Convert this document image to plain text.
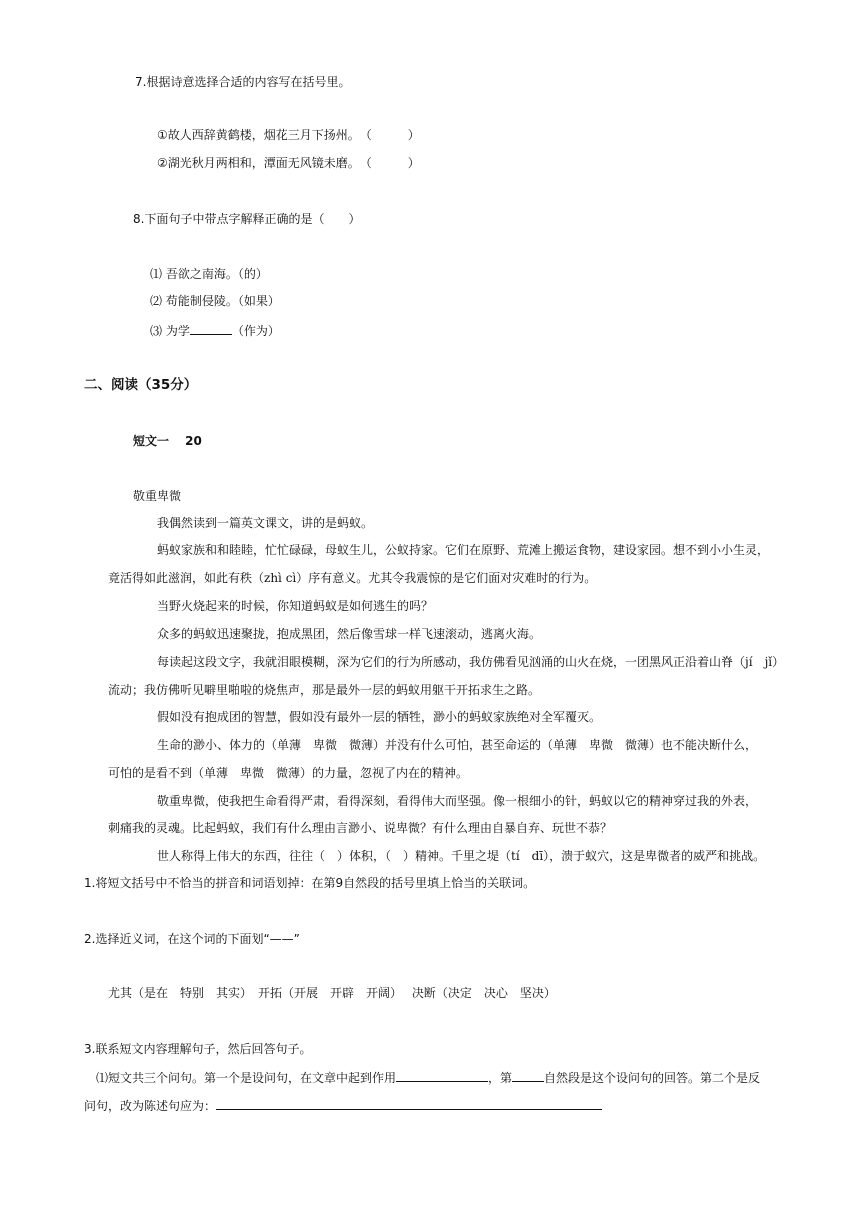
7.根据诗意选择合适的内容写在括号里。
①故人西辞黄鹤楼，烟花三月下扬州。　（　　　）
②湖光秋月两相和，潭面无风镜未磨。　（　　　）
8.下面句子中带点字解释正确的是（　　）
⑴ 吾欲之南海。（的）
⑵ 苟能制侵陵。（如果）
⑶ 为学	（作为）
二、阅读（35分）
短文一　 20
敬重卑微
我偶然读到一篇英文课文，讲的是蚂蚁。
蚂蚁家族和和睦睦，忙忙碌碌，母蚁生儿，公蚁持家。它们在原野、荒滩上搬运食物，建设家园。想不到小小生灵，
竟活得如此滋润，如此有秩（zhì cì）序有意义。尤其令我震惊的是它们面对灾难时的行为。
当野火烧起来的时候，你知道蚂蚁是如何逃生的吗？
众多的蚂蚁迅速聚拢，抱成黑团，然后像雪球一样飞速滚动，逃离火海。
每读起这段文字，我就泪眼模糊，深为它们的行为所感动，我仿佛看见汹涌的山火在烧，一团黑风正沿着山脊（jí　jǐ）
流动；我仿佛听见噼里啪啦的烧焦声，那是最外一层的蚂蚁用躯干开拓求生之路。
假如没有抱成团的智慧，假如没有最外一层的牺牲，渺小的蚂蚁家族绝对全军覆灭。
生命的渺小、体力的（单薄　卑微　微薄）并没有什么可怕，甚至命运的（单薄　卑微　微薄）也不能决断什么，
可怕的是看不到（单薄　卑微　微薄）的力量，忽视了内在的精神。
敬重卑微，使我把生命看得严肃，看得深刻，看得伟大而坚强。像一根细小的针，蚂蚁以它的精神穿过我的外表，
刺痛我的灵魂。比起蚂蚁，我们有什么理由言渺小、说卑微？有什么理由自暴自弃、玩世不恭？
世人称得上伟大的东西，往往（　）体积，（　）精神。千里之堤（tí　dī），溃于蚁穴，这是卑微者的威严和挑战。
1.将短文括号中不恰当的拼音和词语划掉：在第9自然段的括号里填上恰当的关联词。
2.选择近义词，在这个词的下面划“——”
尤其（是在　特别　其实）　开拓（开展　开辟　开阔）　 决断（决定　决心　坚决）
3.联系短文内容理解句子，然后回答句子。
⑴短文共三个问句。第一个是设问句，在文章中起到作用	，第	自然段是这个设问句的回答。第二个是反
问句，改为陈述句应为：
